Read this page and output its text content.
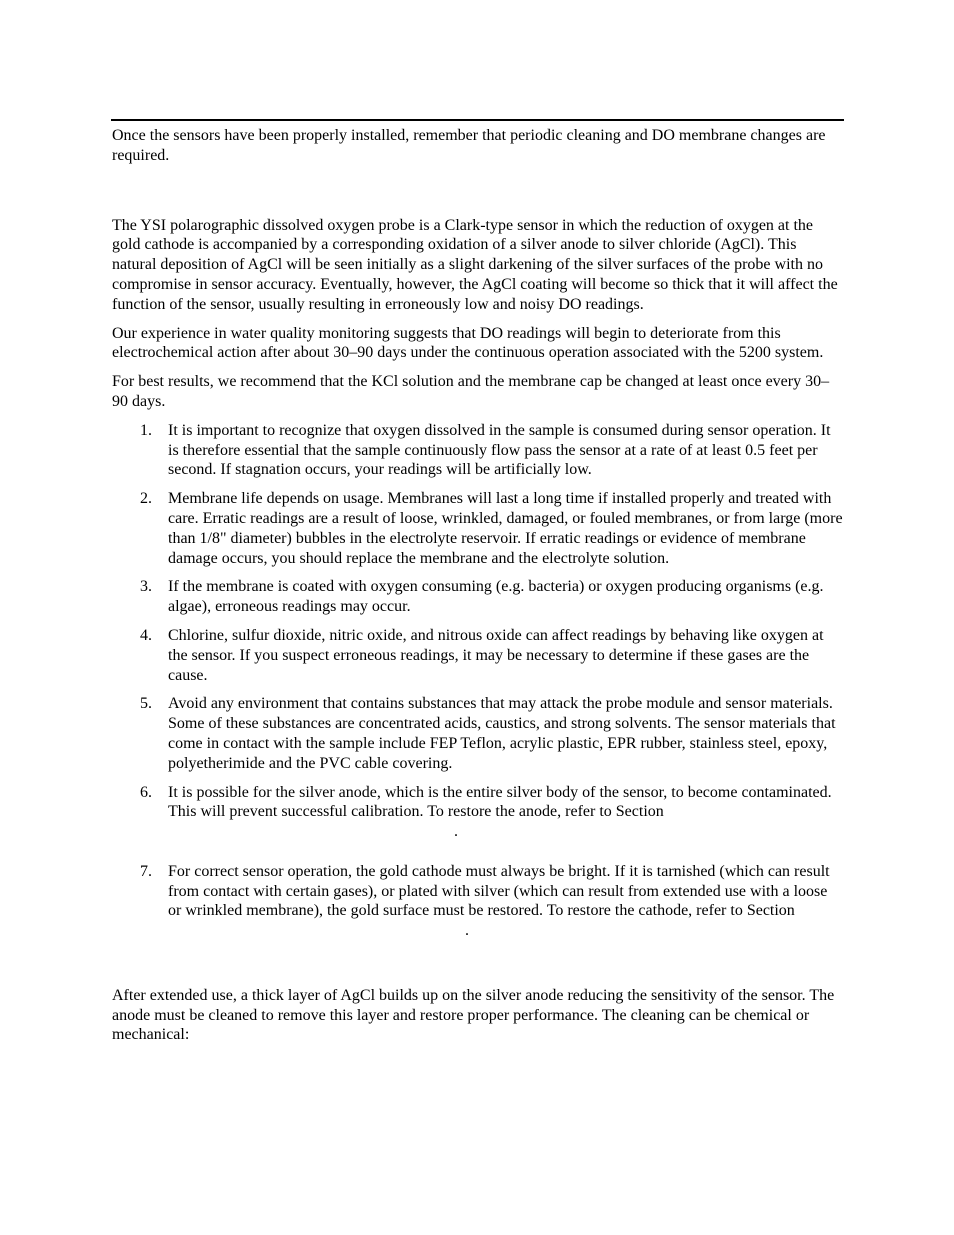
Once the sensors have been properly installed, remember that periodic cleaning and DO membrane changes are required.

The YSI polarographic dissolved oxygen probe is a Clark-type sensor in which the reduction of oxygen at the gold cathode is accompanied by a corresponding oxidation of a silver anode to silver chloride (AgCl). This natural deposition of AgCl will be seen initially as a slight darkening of the silver surfaces of the probe with no compromise in sensor accuracy. Eventually, however, the AgCl coating will become so thick that it will affect the function of the sensor, usually resulting in erroneously low and noisy DO readings.

Our experience in water quality monitoring suggests that DO readings will begin to deteriorate from this electrochemical action after about 30–90 days under the continuous operation associated with the 5200 system.

For best results, we recommend that the KCl solution and the membrane cap be changed at least once every 30–90 days.

1. It is important to recognize that oxygen dissolved in the sample is consumed during sensor operation. It is therefore essential that the sample continuously flow pass the sensor at a rate of at least 0.5 feet per second. If stagnation occurs, your readings will be artificially low.
2. Membrane life depends on usage. Membranes will last a long time if installed properly and treated with care. Erratic readings are a result of loose, wrinkled, damaged, or fouled membranes, or from large (more than 1/8" diameter) bubbles in the electrolyte reservoir. If erratic readings or evidence of membrane damage occurs, you should replace the membrane and the electrolyte solution.
3. If the membrane is coated with oxygen consuming (e.g. bacteria) or oxygen producing organisms (e.g. algae), erroneous readings may occur.
4. Chlorine, sulfur dioxide, nitric oxide, and nitrous oxide can affect readings by behaving like oxygen at the sensor. If you suspect erroneous readings, it may be necessary to determine if these gases are the cause.
5. Avoid any environment that contains substances that may attack the probe module and sensor materials. Some of these substances are concentrated acids, caustics, and strong solvents. The sensor materials that come in contact with the sample include FEP Teflon, acrylic plastic, EPR rubber, stainless steel, epoxy, polyetherimide and the PVC cable covering.
6. It is possible for the silver anode, which is the entire silver body of the sensor, to become contaminated. This will prevent successful calibration. To restore the anode, refer to Section
.
7. For correct sensor operation, the gold cathode must always be bright. If it is tarnished (which can result from contact with certain gases), or plated with silver (which can result from extended use with a loose or wrinkled membrane), the gold surface must be restored. To restore the cathode, refer to Section .

After extended use, a thick layer of AgCl builds up on the silver anode reducing the sensitivity of the sensor. The anode must be cleaned to remove this layer and restore proper performance. The cleaning can be chemical or mechanical:
